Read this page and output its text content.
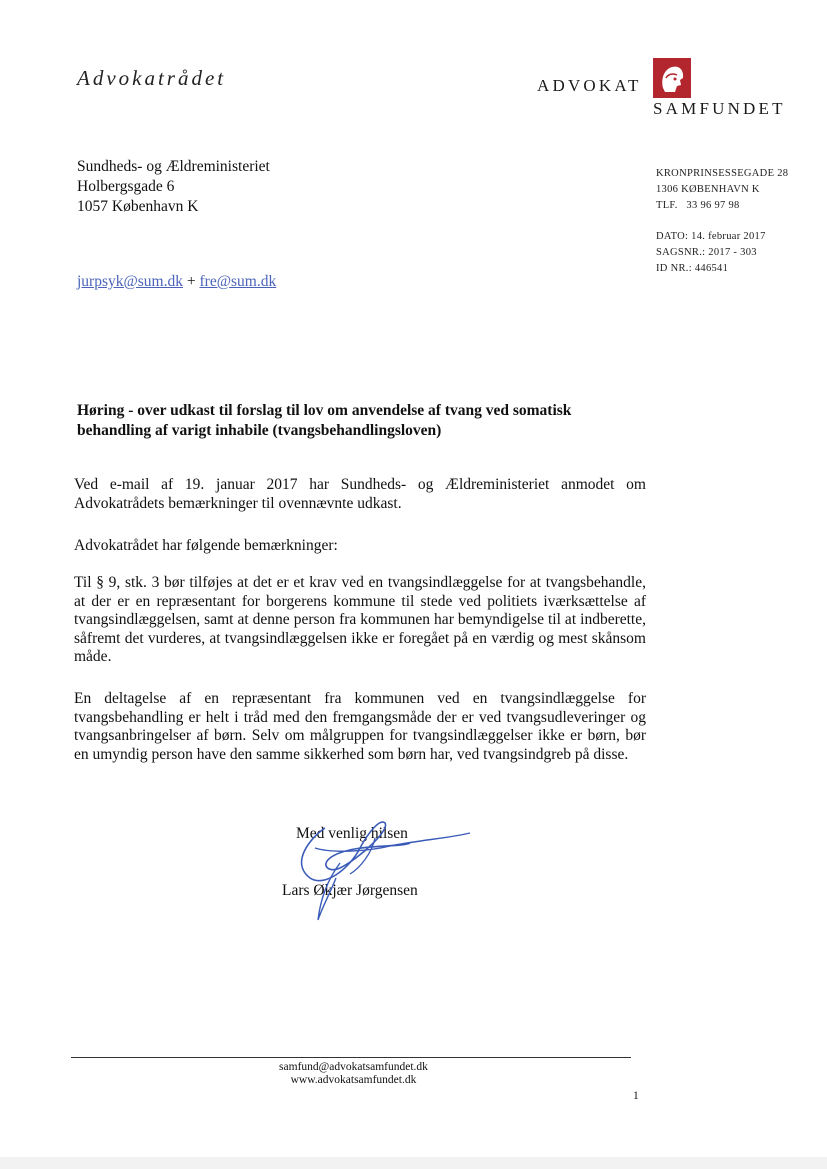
Advokatrådet	ADVOKAT
SAMFUNDET
Sundheds- og Ældreministeriet
Holbergsgade 6
1057 København K
KRONPRINSESSEGADE 28
1306 KØBENHAVN K
TLF.   33 96 97 98
DATO: 14. februar 2017
SAGSNR.: 2017 - 303
ID NR.: 446541
jurpsyk@sum.dk + fre@sum.dk
Høring - over udkast til forslag til lov om anvendelse af tvang ved somatisk behandling af varigt inhabile (tvangsbehandlingsloven)
Ved e-mail af 19. januar 2017 har Sundheds- og Ældreministeriet anmodet om Advokatrådets bemærkninger til ovennævnte udkast.
Advokatrådet har følgende bemærkninger:
Til § 9, stk. 3 bør tilføjes at det er et krav ved en tvangsindlæggelse for at tvangsbehandle, at der er en repræsentant for borgerens kommune til stede ved politiets iværksættelse af tvangsindlæggelsen, samt at denne person fra kommunen har bemyndigelse til at indberette, såfremt det vurderes, at tvangsindlæggelsen ikke er foregået på en værdig og mest skånsom måde.
En deltagelse af en repræsentant fra kommunen ved en tvangsindlæggelse for tvangsbehandling er helt i tråd med den fremgangsmåde der er ved tvangsudleveringer og tvangsanbringelser af børn. Selv om målgruppen for tvangsindlæggelser ikke er børn, bør en umyndig person have den samme sikkerhed som børn har, ved tvangsindgreb på disse.
Med venlig hilsen
Lars Økjær Jørgensen
samfund@advokatsamfundet.dk
www.advokatsamfundet.dk
1
